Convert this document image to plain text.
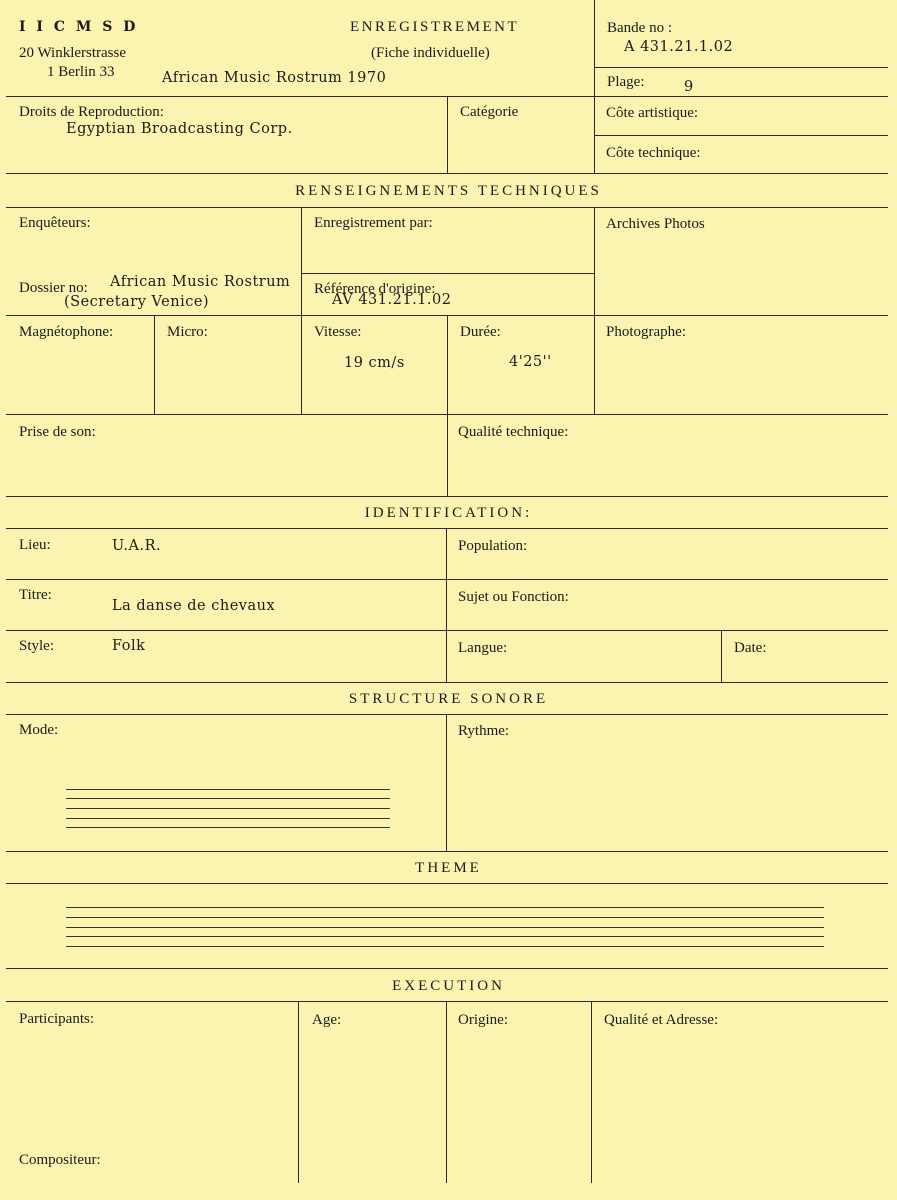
I I C M S D
20 Winklerstrasse
1 Berlin 33	African Music Rostrum 1970
ENREGISTREMENT
(Fiche individuelle)
Bande no :
A 431.21.1.02
Plage:	9
Droits de Reproduction:
Egyptian Broadcasting Corp.
Catégorie	Côte artistique:
Côte technique:
RENSEIGNEMENTS TECHNIQUES
Enquêteurs:	Enregistrement par:	Archives Photos
Dossier no: African Music Rostrum
(Secretary Venice)
Référence d'origine:
AV 431.21.1.02
Magnétophone:	Micro:	Vitesse:
19 cm/s
Durée:
4'25''
Photographe:
Prise de son:	Qualité technique:
IDENTIFICATION:
Lieu:	U.A.R.	Population:
Titre:
La danse de chevaux
Sujet ou Fonction:
Style:	Folk	Langue:	Date:
STRUCTURE SONORE
Mode:	Rythme:
THEME
EXECUTION
Participants:	Age:	Origine:	Qualité et Adresse:
Compositeur:
